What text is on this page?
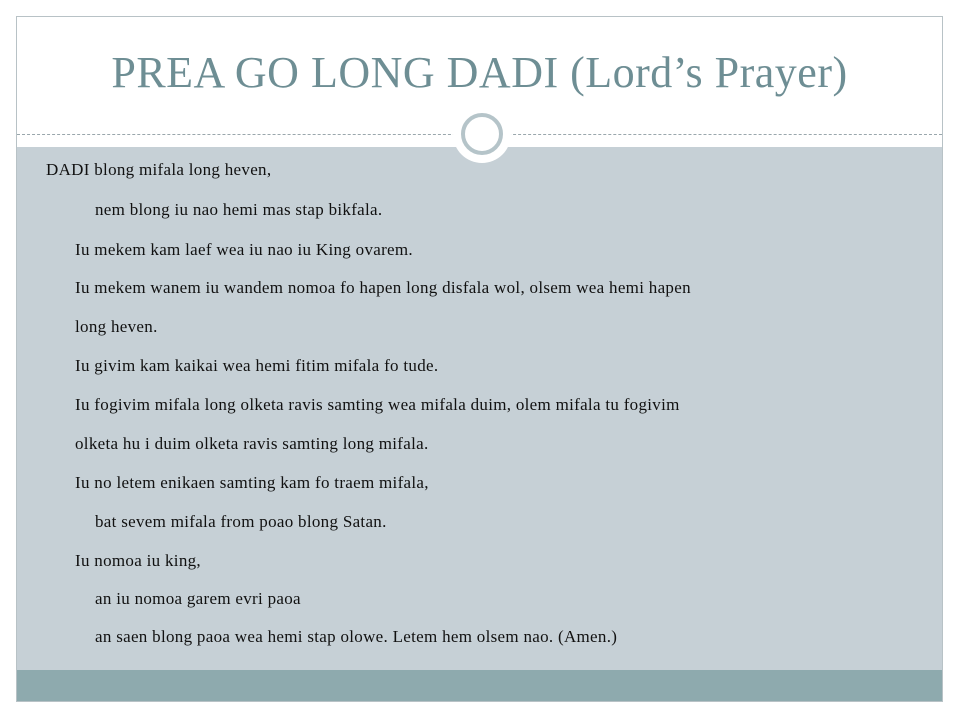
PREA GO LONG DADI (Lord’s Prayer)
DADI blong mifala long heven,
nem blong iu nao hemi mas stap bikfala.
Iu mekem kam laef wea iu nao iu King ovarem.
Iu mekem wanem iu wandem nomoa fo hapen long disfala wol, olsem wea hemi hapen
long heven.
Iu givim kam kaikai wea hemi fitim mifala fo tude.
Iu fogivim mifala long olketa ravis samting wea mifala duim, olem mifala tu fogivim
olketa hu i duim olketa ravis samting long mifala.
Iu no letem enikaen samting kam fo traem mifala,
bat sevem mifala from poao blong Satan.
Iu nomoa iu king,
an iu nomoa garem evri paoa
an saen blong paoa wea hemi stap olowe. Letem hem olsem nao. (Amen.)
